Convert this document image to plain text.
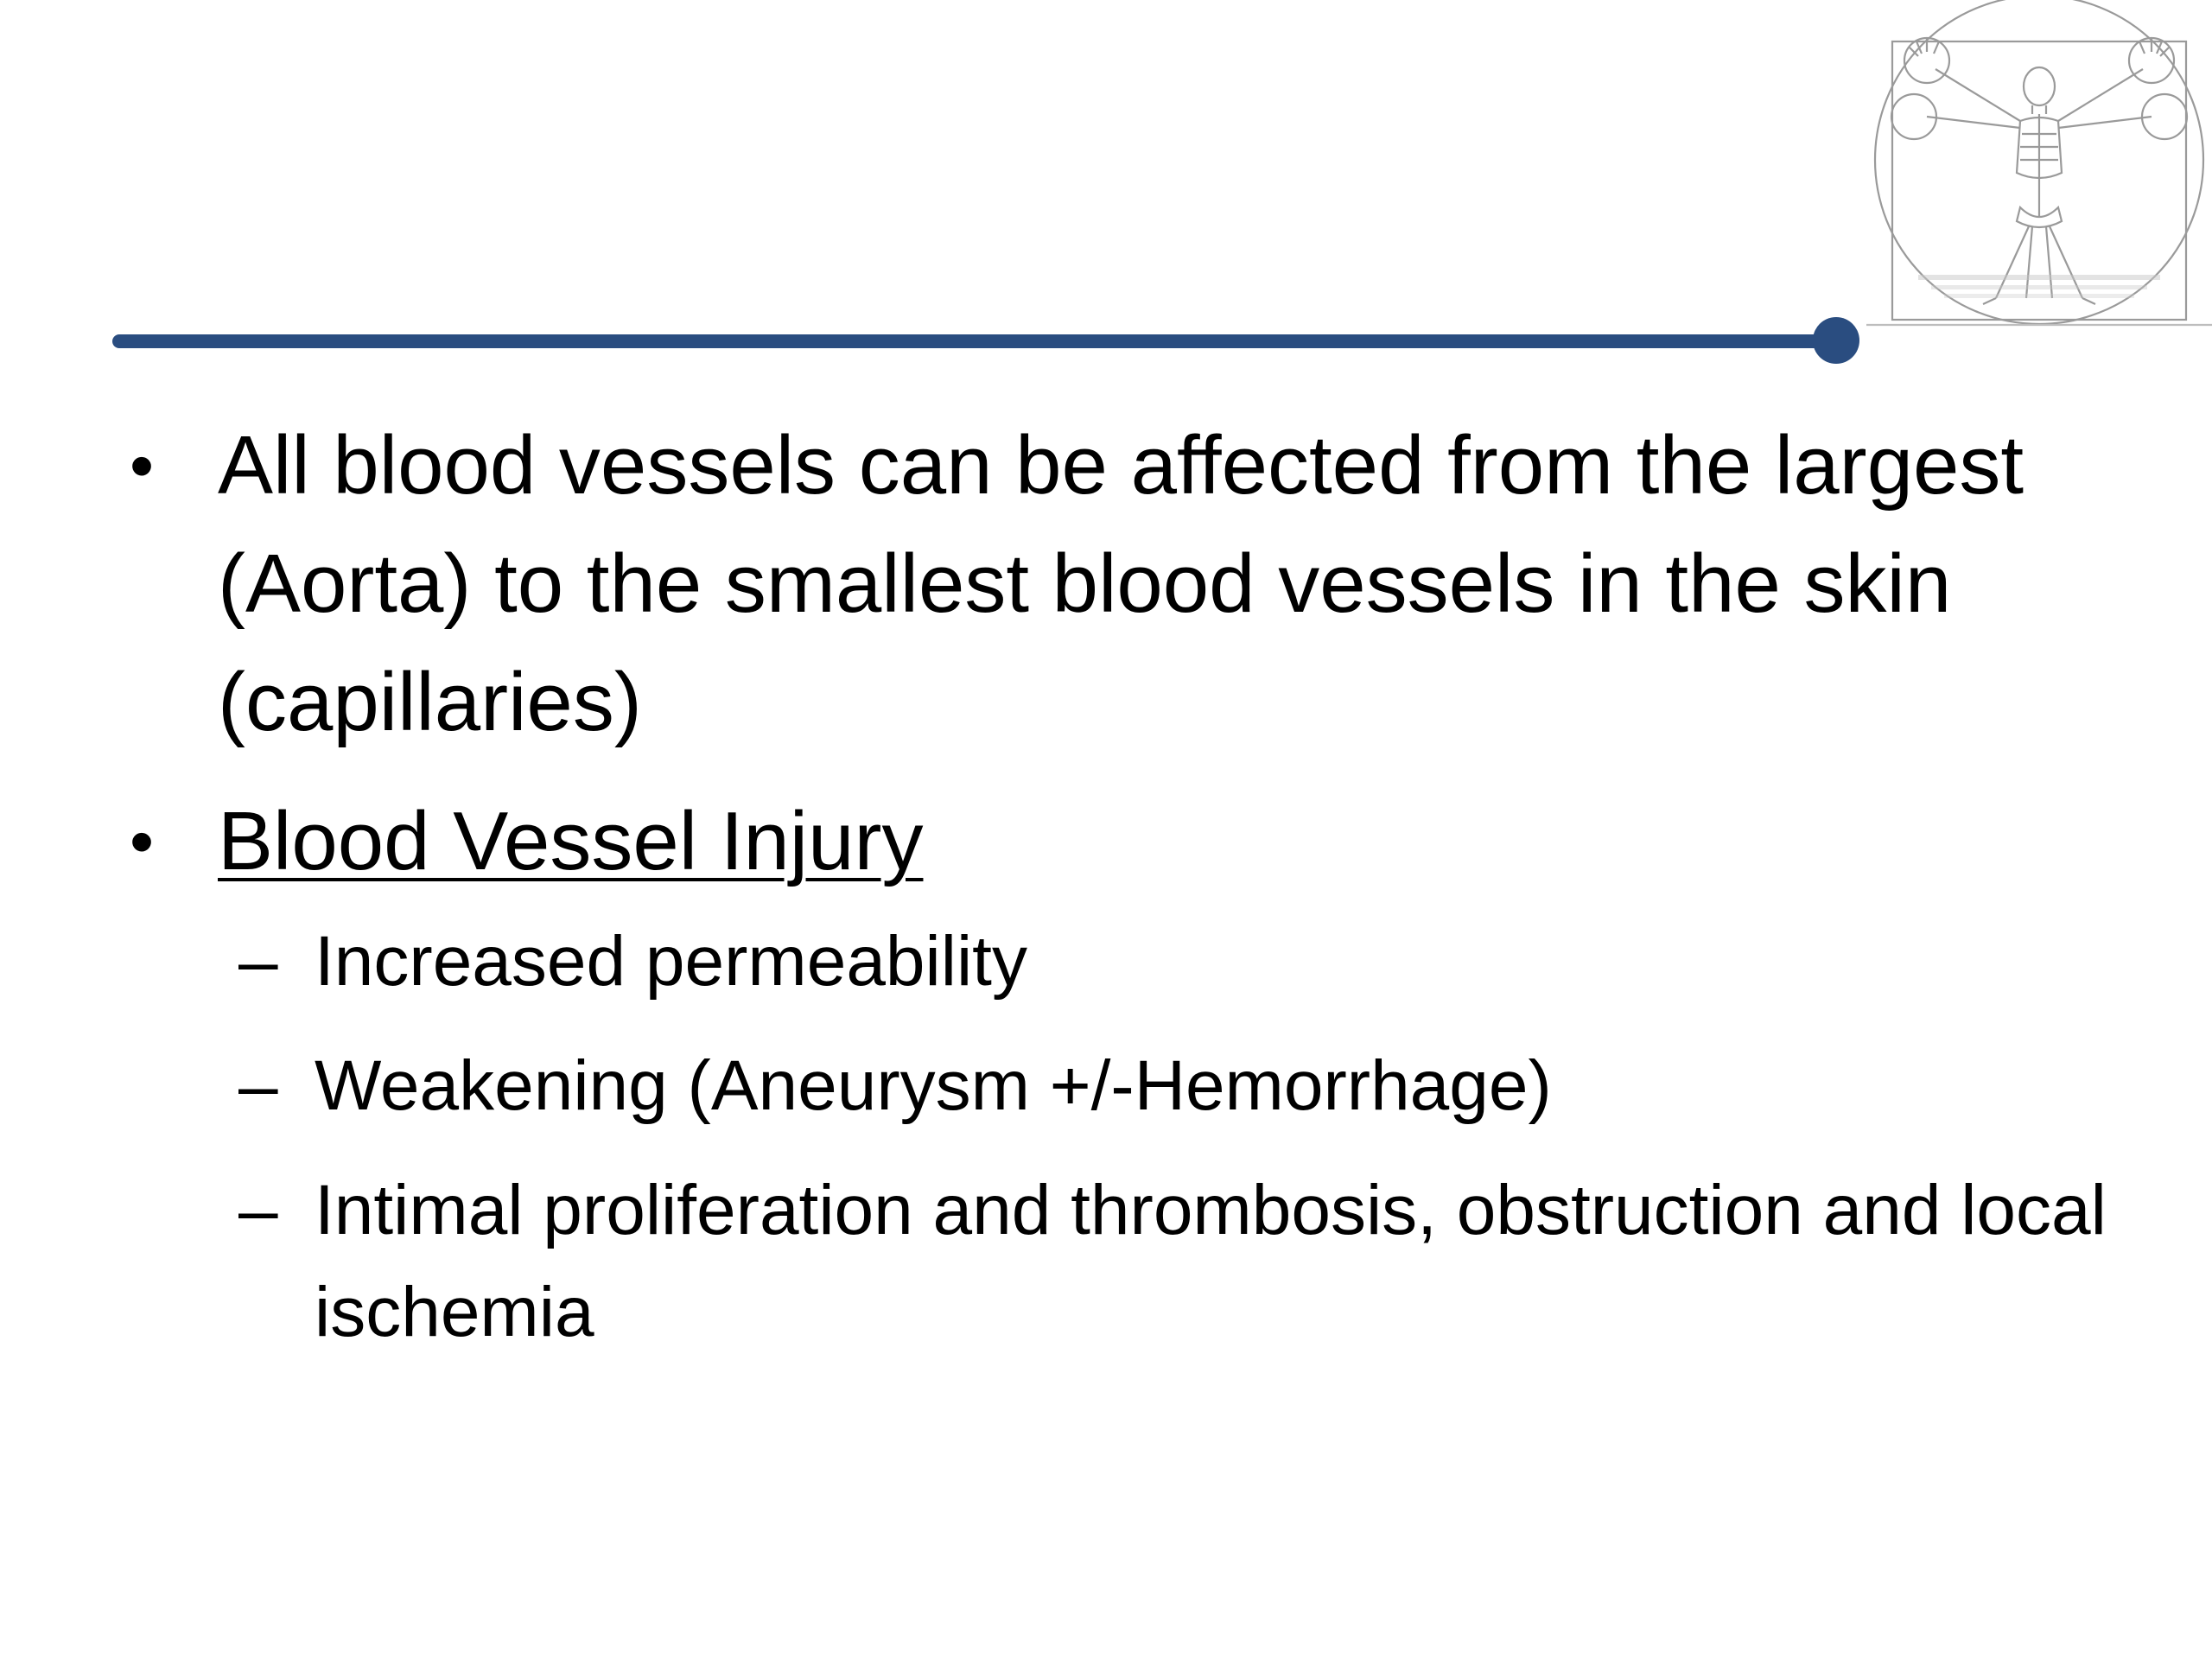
• All blood vessels can be affected from the largest (Aorta) to the smallest blood vessels in the skin (capillaries)
• Blood Vessel Injury
– Increased permeability
– Weakening (Aneurysm +/-Hemorrhage)
– Intimal proliferation and thrombosis, obstruction and local ischemia
